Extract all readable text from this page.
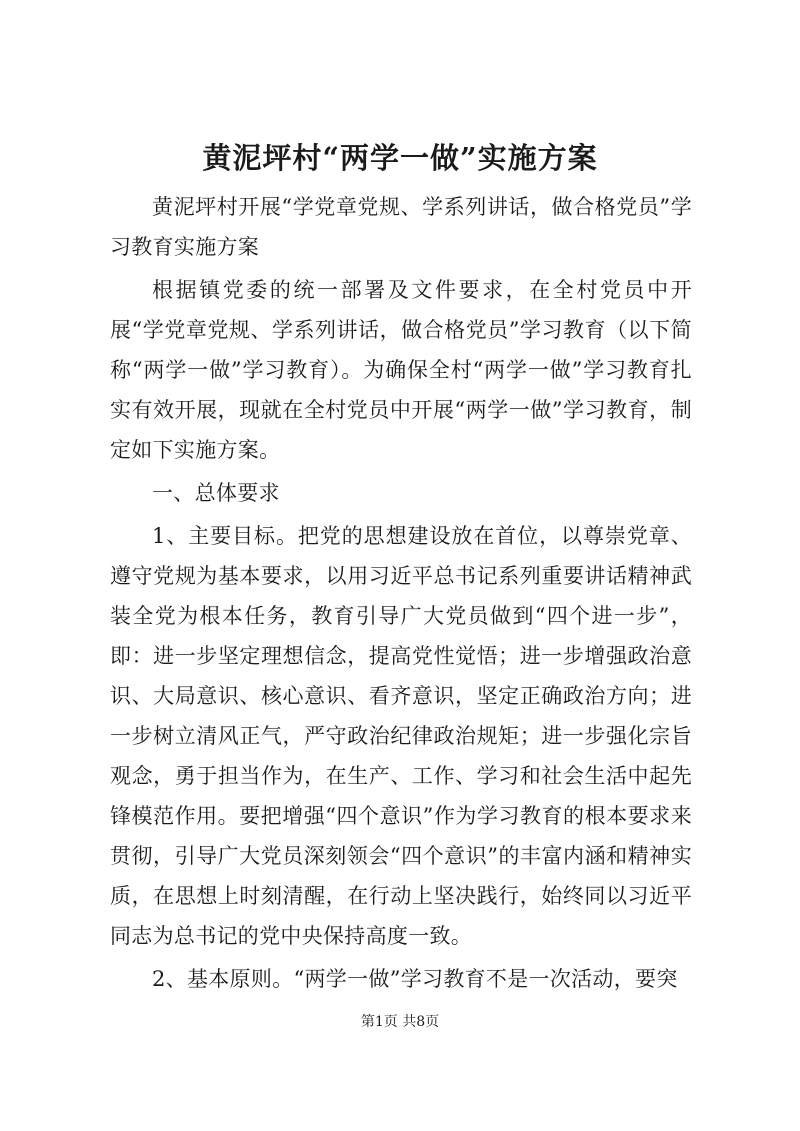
黄泥坪村“两学一做”实施方案

黄泥坪村开展“学党章党规、学系列讲话，做合格党员”学习教育实施方案

根据镇党委的统一部署及文件要求，在全村党员中开展“学党章党规、学系列讲话，做合格党员”学习教育（以下简称“两学一做”学习教育）。为确保全村“两学一做”学习教育扎实有效开展，现就在全村党员中开展“两学一做”学习教育，制定如下实施方案。

一、总体要求

1、主要目标。把党的思想建设放在首位，以尊崇党章、遵守党规为基本要求，以用习近平总书记系列重要讲话精神武装全党为根本任务，教育引导广大党员做到“四个进一步”，即：进一步坚定理想信念，提高党性觉悟；进一步增强政治意识、大局意识、核心意识、看齐意识，坚定正确政治方向；进一步树立清风正气，严守政治纪律政治规矩；进一步强化宗旨观念，勇于担当作为，在生产、工作、学习和社会生活中起先锋模范作用。要把增强“四个意识”作为学习教育的根本要求来贯彻，引导广大党员深刻领会“四个意识”的丰富内涵和精神实质，在思想上时刻清醒，在行动上坚决践行，始终同以习近平同志为总书记的党中央保持高度一致。

2、基本原则。“两学一做”学习教育不是一次活动，要突

第1页 共8页
